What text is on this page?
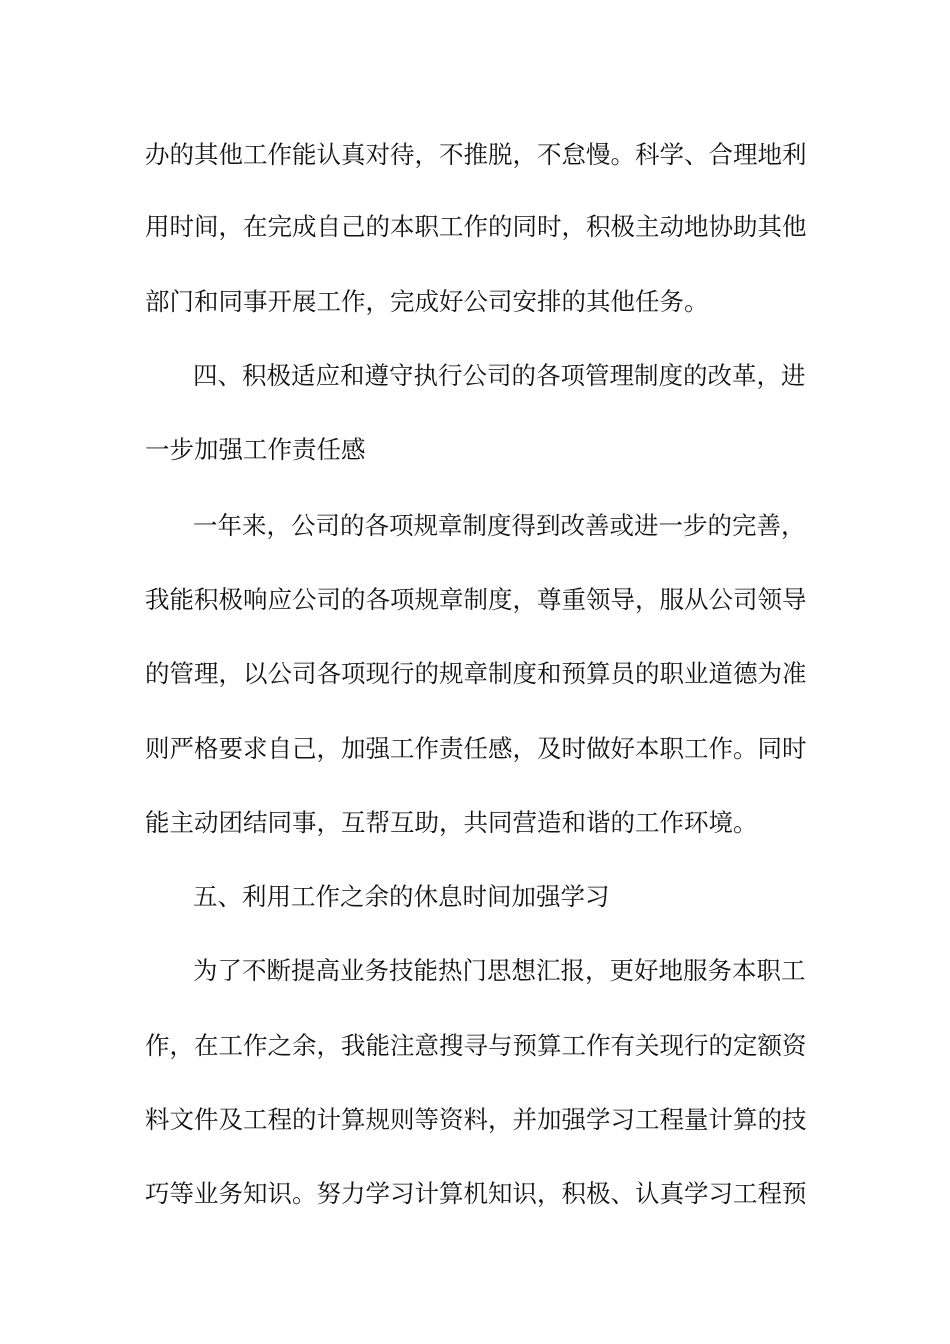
办的其他工作能认真对待，不推脱，不怠慢。科学、合理地利

用时间，在完成自己的本职工作的同时，积极主动地协助其他

部门和同事开展工作，完成好公司安排的其他任务。

四、积极适应和遵守执行公司的各项管理制度的改革，进

一步加强工作责任感

一年来，公司的各项规章制度得到改善或进一步的完善，

我能积极响应公司的各项规章制度，尊重领导，服从公司领导

的管理，以公司各项现行的规章制度和预算员的职业道德为准

则严格要求自己，加强工作责任感，及时做好本职工作。同时

能主动团结同事，互帮互助，共同营造和谐的工作环境。

五、利用工作之余的休息时间加强学习

为了不断提高业务技能热门思想汇报，更好地服务本职工

作，在工作之余，我能注意搜寻与预算工作有关现行的定额资

料文件及工程的计算规则等资料，并加强学习工程量计算的技

巧等业务知识。努力学习计算机知识，积极、认真学习工程预
